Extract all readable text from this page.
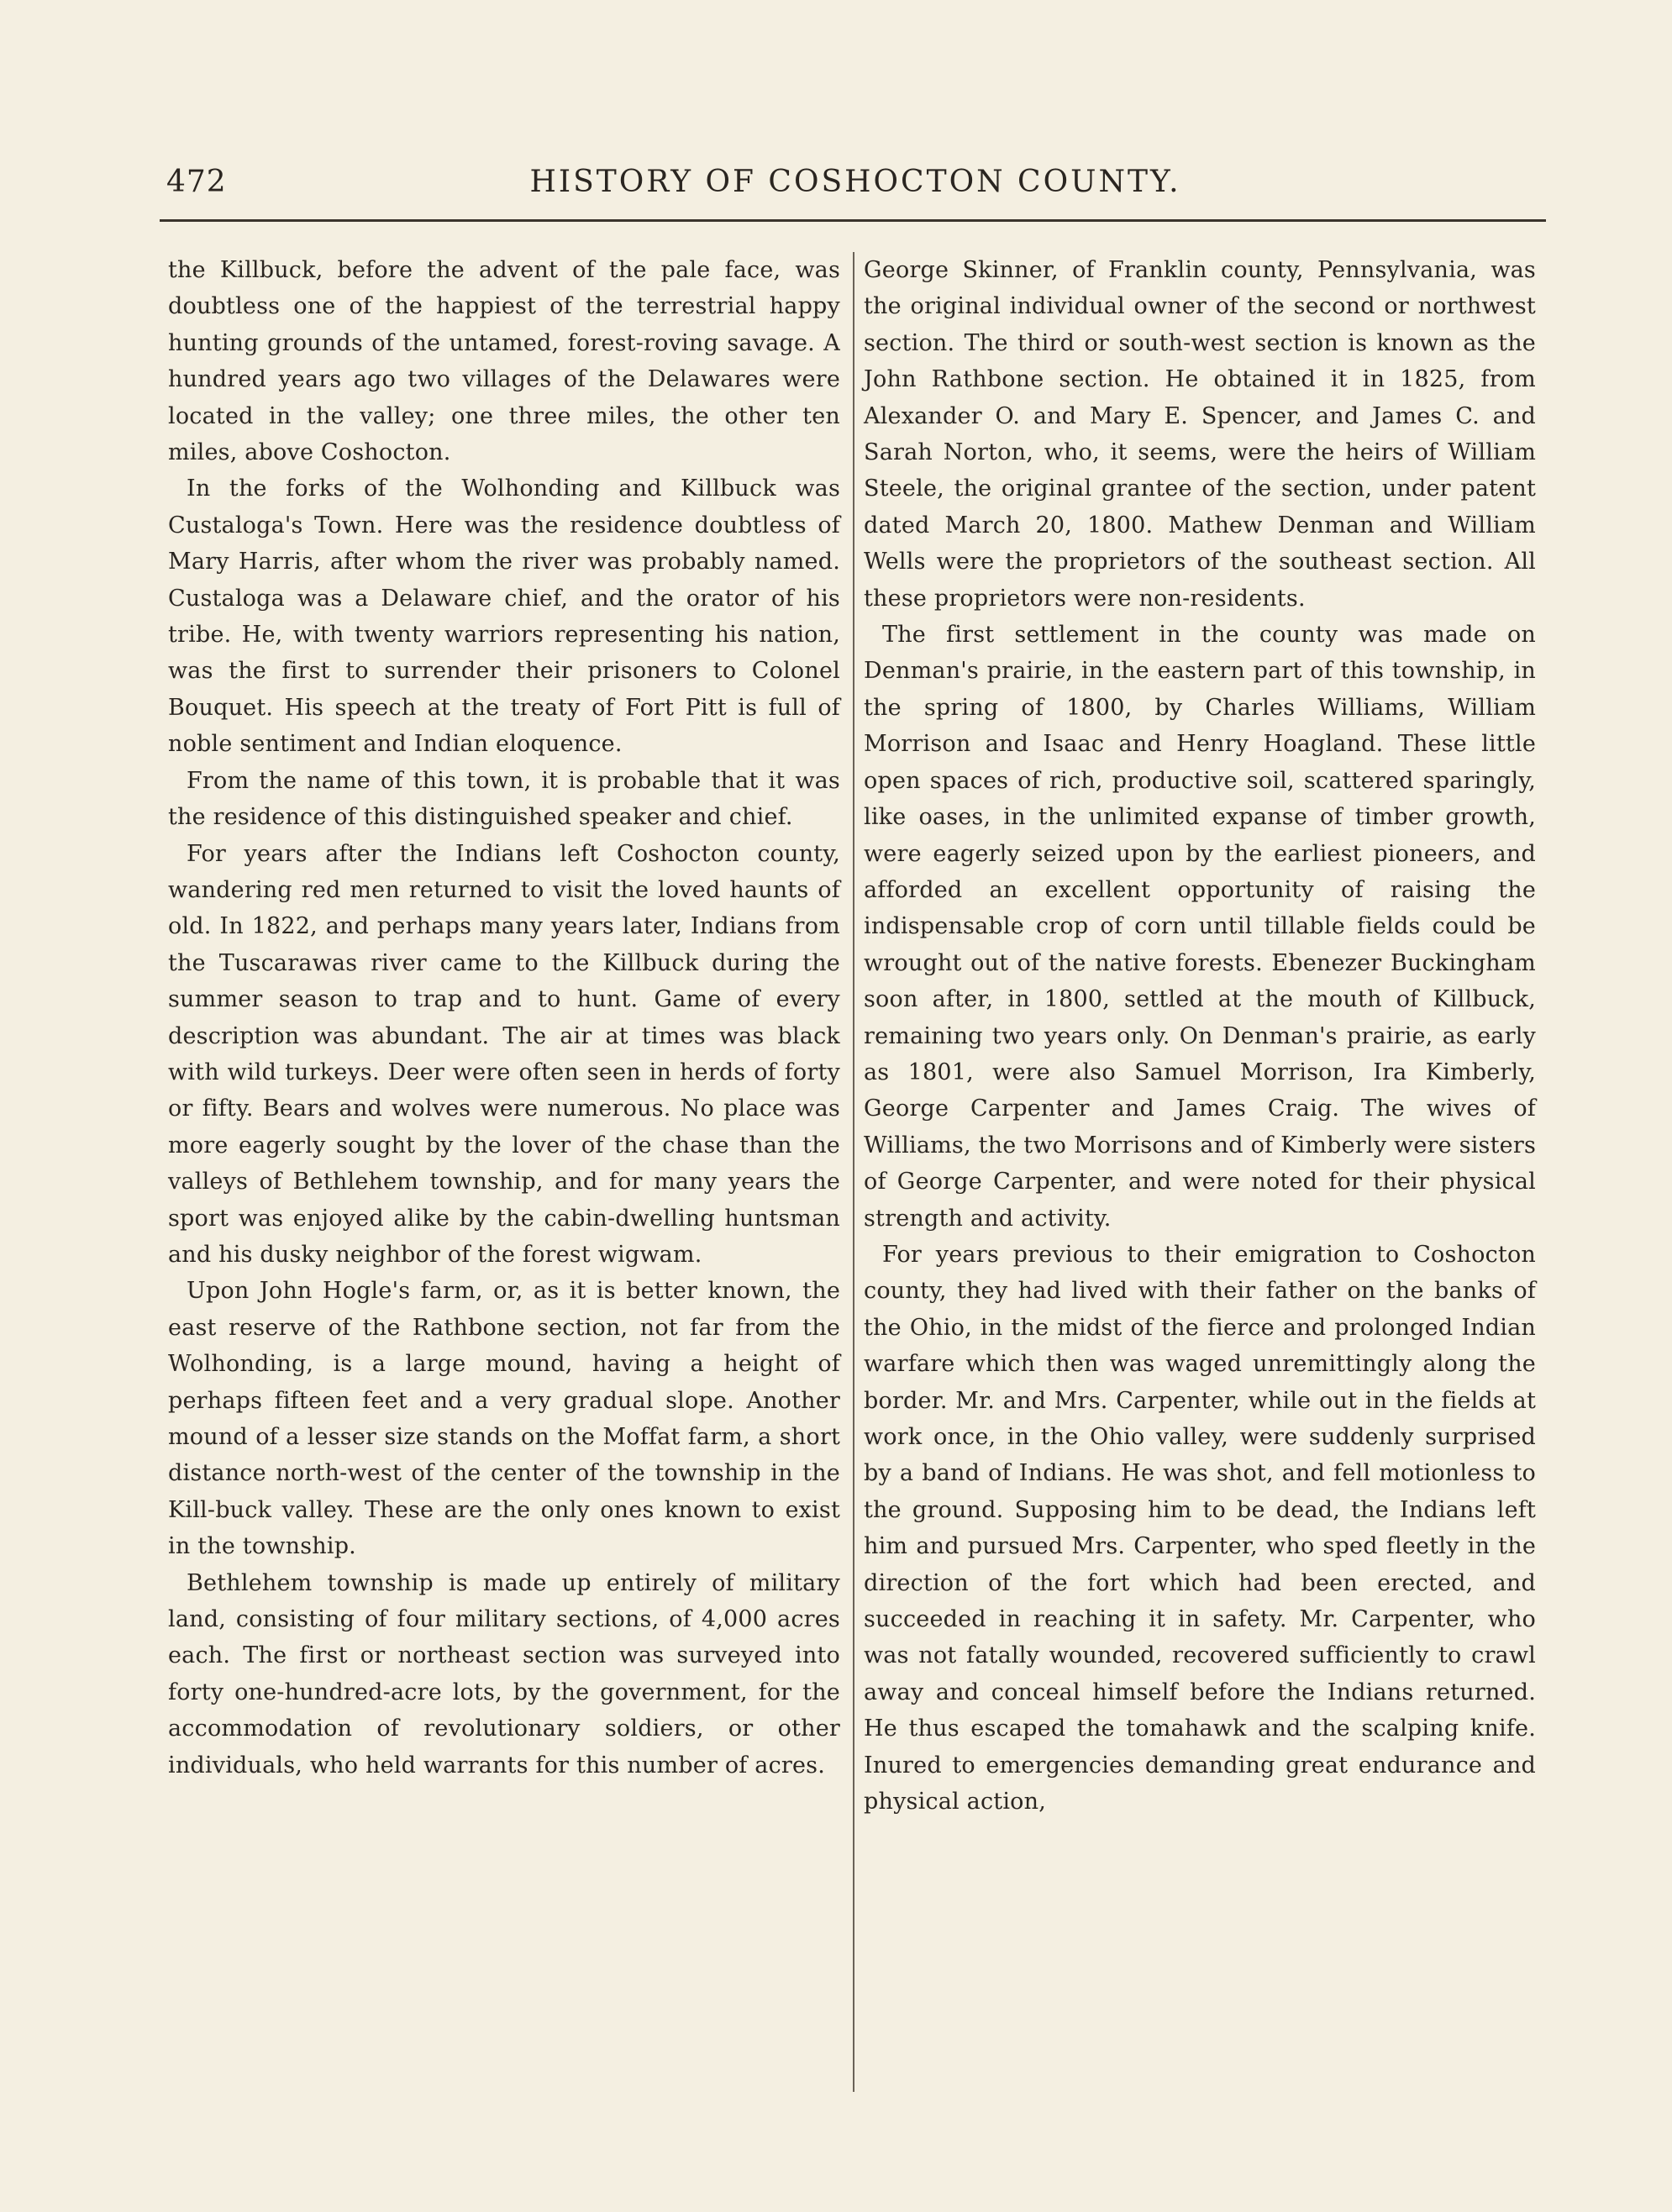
472	HISTORY OF COSHOCTON COUNTY.

the Killbuck, before the advent of the pale face, was doubtless one of the happiest of the terrestrial happy hunting grounds of the untamed, forest-roving savage. A hundred years ago two villages of the Delawares were located in the valley; one three miles, the other ten miles, above Coshocton.

In the forks of the Wolhonding and Killbuck was Custaloga's Town. Here was the residence doubtless of Mary Harris, after whom the river was probably named. Custaloga was a Delaware chief, and the orator of his tribe. He, with twenty warriors representing his nation, was the first to surrender their prisoners to Colonel Bouquet. His speech at the treaty of Fort Pitt is full of noble sentiment and Indian eloquence.

From the name of this town, it is probable that it was the residence of this distinguished speaker and chief.

For years after the Indians left Coshocton county, wandering red men returned to visit the loved haunts of old. In 1822, and perhaps many years later, Indians from the Tuscarawas river came to the Killbuck during the summer season to trap and to hunt. Game of every description was abundant. The air at times was black with wild turkeys. Deer were often seen in herds of forty or fifty. Bears and wolves were numerous. No place was more eagerly sought by the lover of the chase than the valleys of Bethlehem township, and for many years the sport was enjoyed alike by the cabin-dwelling huntsman and his dusky neighbor of the forest wigwam.

Upon John Hogle's farm, or, as it is better known, the east reserve of the Rathbone section, not far from the Wolhonding, is a large mound, having a height of perhaps fifteen feet and a very gradual slope. Another mound of a lesser size stands on the Moffat farm, a short distance north-west of the center of the township in the Kill-buck valley. These are the only ones known to exist in the township.

Bethlehem township is made up entirely of military land, consisting of four military sections, of 4,000 acres each. The first or northeast section was surveyed into forty one-hundred-acre lots, by the government, for the accommodation of revolutionary soldiers, or other individuals, who held warrants for this number of acres.

George Skinner, of Franklin county, Pennsylvania, was the original individual owner of the second or northwest section. The third or south-west section is known as the John Rathbone section. He obtained it in 1825, from Alexander O. and Mary E. Spencer, and James C. and Sarah Norton, who, it seems, were the heirs of William Steele, the original grantee of the section, under patent dated March 20, 1800. Mathew Denman and William Wells were the proprietors of the southeast section. All these proprietors were non-residents.

The first settlement in the county was made on Denman's prairie, in the eastern part of this township, in the spring of 1800, by Charles Williams, William Morrison and Isaac and Henry Hoagland. These little open spaces of rich, productive soil, scattered sparingly, like oases, in the unlimited expanse of timber growth, were eagerly seized upon by the earliest pioneers, and afforded an excellent opportunity of raising the indispensable crop of corn until tillable fields could be wrought out of the native forests. Ebenezer Buckingham soon after, in 1800, settled at the mouth of Killbuck, remaining two years only. On Denman's prairie, as early as 1801, were also Samuel Morrison, Ira Kimberly, George Carpenter and James Craig. The wives of Williams, the two Morrisons and of Kimberly were sisters of George Carpenter, and were noted for their physical strength and activity.

For years previous to their emigration to Coshocton county, they had lived with their father on the banks of the Ohio, in the midst of the fierce and prolonged Indian warfare which then was waged unremittingly along the border. Mr. and Mrs. Carpenter, while out in the fields at work once, in the Ohio valley, were suddenly surprised by a band of Indians. He was shot, and fell motionless to the ground. Supposing him to be dead, the Indians left him and pursued Mrs. Carpenter, who sped fleetly in the direction of the fort which had been erected, and succeeded in reaching it in safety. Mr. Carpenter, who was not fatally wounded, recovered sufficiently to crawl away and conceal himself before the Indians returned. He thus escaped the tomahawk and the scalping knife. Inured to emergencies demanding great endurance and physical action,
